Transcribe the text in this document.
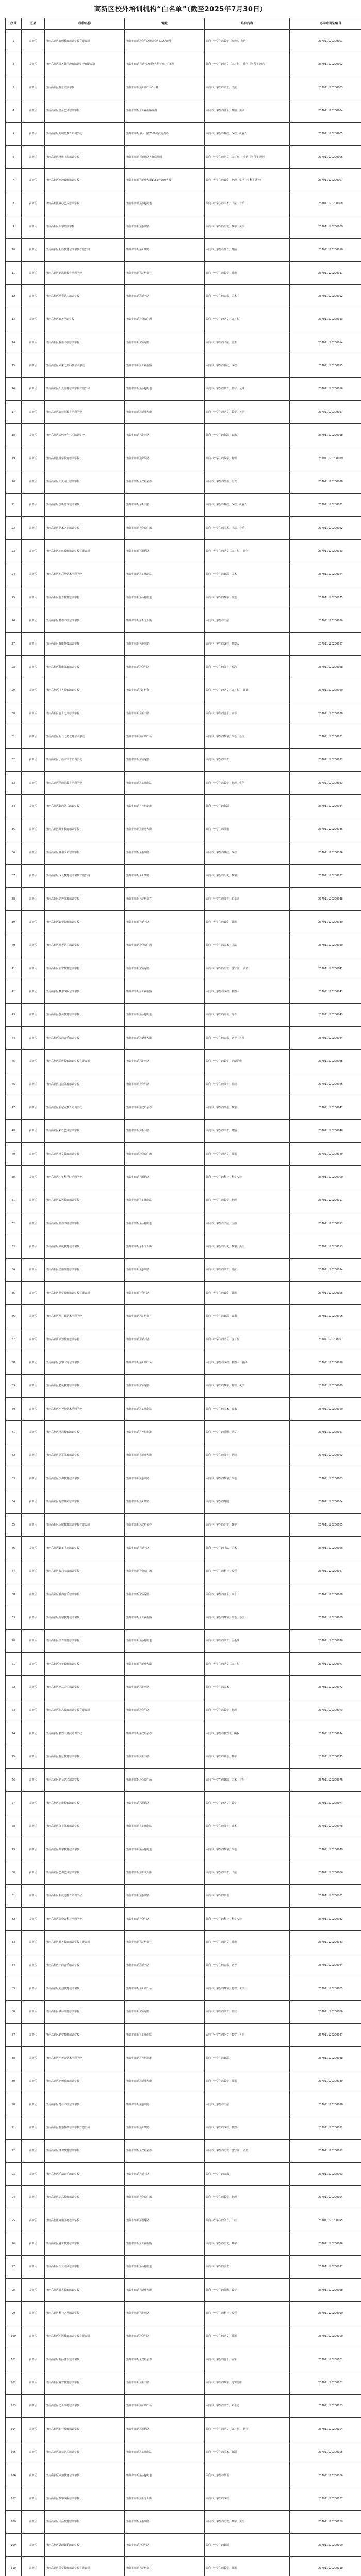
高新区校外培训机构“白名单”（截至2025年7月30日）
序号	区县	机构名称	地址	培训内容	办学许可证编号
1	高新区	济南高新区智创教育培训学校有限公司	济南市高新区舜华路街道舜华路2000号	面向中小学生的数学（奥数）、英语	237011120200001
2	高新区	济南高新区英才优学教育培训学校有限公司	济南市高新区新宇路西侧世纪财富中心B座	面向中小学生的语文（含写作）、数学（学科类除外）	237011120200002
3	高新区	济南高新区智汇培训学校	济南市高新区舜泰广场8号楼	面向中小学生的美术、书法	237011120200003
4	高新区	济南高新区思源艺术培训学校	济南市高新区工业南路以南	面向中小学生的音乐、舞蹈、美术	237011120200004
5	高新区	济南高新区启明星教育培训学校	济南市高新区经十路7000号汉峪金谷	面向中小学生的科技、编程、机器人	237011120200005
6	高新区	济南高新区博雅书院培训学校	济南市高新区颖秀路齐鲁软件园	面向中小学生的语文（含写作）、英语（学科类除外）	237011120200006
7	高新区	济南高新区卓越教育培训学校	济南市高新区新泺大街1166号奥盛大厦	面向中小学生的数学、物理、化学（学科类除外）	237011120200007
8	高新区	济南高新区童心艺术培训学校	济南市高新区孙村街道	面向中小学生的美术、书法、音乐	237011120200008
9	高新区	济南高新区乐学培训学校	济南市高新区港西路	面向中小学生的语文、数学、英语	237011120200009
10	高新区	济南高新区明德教育培训学校有限公司	济南市高新区舜华路	面向中小学生的体育、舞蹈	237011120200010
11	高新区	济南高新区新思维教育培训学校	济南市高新区汉峪金谷	面向中小学生的数学、英语	237011120200011
12	高新区	济南高新区星光艺术培训学校	济南市高新区新宇路	面向中小学生的音乐、美术	237011120200012
13	高新区	济南高新区育才培训学校	济南市高新区舜泰广场	面向中小学生的语文（含写作）	237011120200013
14	高新区	济南高新区翰墨书画培训学校	济南市高新区颖秀路	面向中小学生的书法、美术	237011120200014
15	高新区	济南高新区未来之星科技培训学校	济南市高新区工业南路	面向中小学生的科技、编程	237011120200015
16	高新区	济南高新区阳光体育培训学校有限公司	济南市高新区孙村街道	面向中小学生的体育、篮球、足球	237011120200016
17	高新区	济南高新区智慧树教育培训学校	济南市高新区新泺大街	面向中小学生的语文、数学、英语	237011120200017
18	高新区	济南高新区金色童年艺术培训学校	济南市高新区港西路	面向中小学生的舞蹈、音乐	237011120200018
19	高新区	济南高新区博学教育培训学校	济南市高新区舜华路	面向中小学生的数学、物理	237011120200019
20	高新区	济南高新区天天向上培训学校	济南市高新区汉峪金谷	面向中小学生的英语、语文	237011120200020
21	高新区	济南高新区创新思维培训学校	济南市高新区新宇路	面向中小学生的科技、编程、机器人	237011120200021
22	高新区	济南高新区艺术之光培训学校	济南市高新区舜泰广场	面向中小学生的美术、书法、音乐	237011120200022
23	高新区	济南高新区启航教育培训学校有限公司	济南市高新区颖秀路	面向中小学生的语文（含写作）、数学	237011120200023
24	高新区	济南高新区七彩梦艺术培训学校	济南市高新区工业南路	面向中小学生的舞蹈、美术	237011120200024
25	高新区	济南高新区优才教育培训学校	济南市高新区孙村街道	面向中小学生的数学、英语	237011120200025
26	高新区	济南高新区墨香书法培训学校	济南市高新区新泺大街	面向中小学生的书法	237011120200026
27	高新区	济南高新区智能科技培训学校	济南市高新区港西路	面向中小学生的编程、机器人	237011120200027
28	高新区	济南高新区健康体育培训学校	济南市高新区舜华路	面向中小学生的体育、游泳	237011120200028
29	高新区	济南高新区书香教育培训学校	济南市高新区汉峪金谷	面向中小学生的语文（含写作）、阅读	237011120200029
30	高新区	济南高新区音乐之声培训学校	济南市高新区新宇路	面向中小学生的音乐、钢琴	237011120200030
31	高新区	济南高新区明日之星教育培训学校	济南市高新区舜泰广场	面向中小学生的数学、英语、语文	237011120200031
32	高新区	济南高新区小画家美术培训学校	济南市高新区颖秀路	面向中小学生的美术	237011120200032
33	高新区	济南高新区学而思教育培训学校	济南市高新区工业南路	面向中小学生的数学、物理、化学	237011120200033
34	高新区	济南高新区舞韵艺术培训学校	济南市高新区孙村街道	面向中小学生的舞蹈	237011120200034
35	高新区	济南高新区英华教育培训学校	济南市高新区新泺大街	面向中小学生的英语	237011120200035
36	高新区	济南高新区科创少年培训学校	济南市高新区港西路	面向中小学生的科技、编程	237011120200036
37	高新区	济南高新区成长教育培训学校有限公司	济南市高新区舜华路	面向中小学生的语文、数学	237011120200037
38	高新区	济南高新区弘毅体育培训学校	济南市高新区汉峪金谷	面向中小学生的体育、跆拳道	237011120200038
39	高新区	济南高新区聚贤教育培训学校	济南市高新区新宇路	面向中小学生的数学、英语	237011120200039
40	高新区	济南高新区丹青艺术培训学校	济南市高新区舜泰广场	面向中小学生的美术、书法	237011120200040
41	高新区	济南高新区启智教育培训学校	济南市高新区颖秀路	面向中小学生的语文（含写作）、英语	237011120200041
42	高新区	济南高新区梦想编程培训学校	济南市高新区工业南路	面向中小学生的编程、机器人	237011120200042
43	高新区	济南高新区悦读教育培训学校	济南市高新区孙村街道	面向中小学生的阅读、写作	237011120200043
44	高新区	济南高新区琴韵音乐培训学校	济南市高新区新泺大街	面向中小学生的音乐、钢琴、古筝	237011120200044
45	高新区	济南高新区思维教育培训学校有限公司	济南市高新区港西路	面向中小学生的数学、逻辑思维	237011120200045
46	高新区	济南高新区飞跃体育培训学校	济南市高新区舜华路	面向中小学生的体育、篮球	237011120200046
47	高新区	济南高新区新起点教育培训学校	济南市高新区汉峪金谷	面向中小学生的英语、数学	237011120200047
48	高新区	济南高新区彩虹艺术培训学校	济南市高新区新宇路	面向中小学生的美术、舞蹈	237011120200048
49	高新区	济南高新区博文教育培训学校	济南市高新区舜泰广场	面向中小学生的语文、英语	237011120200049
50	高新区	济南高新区少年科学院培训学校	济南市高新区颖秀路	面向中小学生的科技、科学实验	237011120200050
51	高新区	济南高新区致远教育培训学校	济南市高新区工业南路	面向中小学生的数学、物理	237011120200051
52	高新区	济南高新区墨韵书画培训学校	济南市高新区孙村街道	面向中小学生的书法、国画	237011120200052
53	高新区	济南高新区领航教育培训学校	济南市高新区新泺大街	面向中小学生的语文、数学、英语	237011120200053
54	高新区	济南高新区动感体育培训学校	济南市高新区港西路	面向中小学生的体育、游泳	237011120200054
55	高新区	济南高新区慧学教育培训学校有限公司	济南市高新区舜华路	面向中小学生的数学、英语	237011120200055
56	高新区	济南高新区梦之翼艺术培训学校	济南市高新区汉峪金谷	面向中小学生的舞蹈、音乐	237011120200056
57	高新区	济南高新区求知教育培训学校	济南市高新区新宇路	面向中小学生的语文（含写作）	237011120200057
58	高新区	济南高新区创客空间培训学校	济南市高新区舜泰广场	面向中小学生的编程、机器人、科技	237011120200058
59	高新区	济南高新区精英教育培训学校	济南市高新区颖秀路	面向中小学生的数学、物理、化学	237011120200059
60	高新区	济南高新区小天使艺术培训学校	济南市高新区工业南路	面向中小学生的美术、音乐	237011120200060
61	高新区	济南高新区博思教育培训学校	济南市高新区孙村街道	面向中小学生的英语、语文	237011120200061
62	高新区	济南高新区冠军体育培训学校	济南市高新区新泺大街	面向中小学生的体育、足球	237011120200062
63	高新区	济南高新区学海教育培训学校	济南市高新区港西路	面向中小学生的数学、英语	237011120200063
64	高新区	济南高新区韵律舞蹈培训学校	济南市高新区舜华路	面向中小学生的舞蹈	237011120200064
65	高新区	济南高新区远航教育培训学校有限公司	济南市高新区汉峪金谷	面向中小学生的语文、数学	237011120200065
66	高新区	济南高新区妙笔书画培训学校	济南市高新区新宇路	面向中小学生的书法、美术	237011120200066
67	高新区	济南高新区智启未来培训学校	济南市高新区舜泰广场	面向中小学生的科技、编程	237011120200067
68	高新区	济南高新区雅韵音乐培训学校	济南市高新区颖秀路	面向中小学生的音乐、声乐	237011120200068
69	高新区	济南高新区优学教育培训学校	济南市高新区工业南路	面向中小学生的数学、英语、语文	237011120200069
70	高新区	济南高新区活力体育培训学校	济南市高新区孙村街道	面向中小学生的体育、羽毛球	237011120200070
71	高新区	济南高新区文华教育培训学校	济南市高新区新泺大街	面向中小学生的语文（含写作）	237011120200071
72	高新区	济南高新区画意美术培训学校	济南市高新区港西路	面向中小学生的美术	237011120200072
73	高新区	济南高新区鸿志教育培训学校有限公司	济南市高新区舜华路	面向中小学生的数学、物理	237011120200073
74	高新区	济南高新区机器人科技培训学校	济南市高新区汉峪金谷	面向中小学生的机器人、编程	237011120200074
75	高新区	济南高新区智远教育培训学校	济南市高新区新宇路	面向中小学生的英语、数学	237011120200075
76	高新区	济南高新区花朵艺术培训学校	济南市高新区舜泰广场	面向中小学生的舞蹈、美术、音乐	237011120200076
77	高新区	济南高新区正道教育培训学校	济南市高新区颖秀路	面向中小学生的语文、数学	237011120200077
78	高新区	济南高新区强身体育培训学校	济南市高新区工业南路	面向中小学生的体育、武术	237011120200078
79	高新区	济南高新区好学教育培训学校	济南市高新区孙村街道	面向中小学生的数学、英语	237011120200079
80	高新区	济南高新区艺海艺术培训学校	济南市高新区新泺大街	面向中小学生的美术、书法	237011120200080
81	高新区	济南高新区新航道教育培训学校	济南市高新区港西路	面向中小学生的英语	237011120200081
82	高新区	济南高新区探索者科技培训学校	济南市高新区舜华路	面向中小学生的科技、科学实验	237011120200082
83	高新区	济南高新区德才教育培训学校有限公司	济南市高新区汉峪金谷	面向中小学生的语文、英语	237011120200083
84	高新区	济南高新区声韵音乐培训学校	济南市高新区新宇路	面向中小学生的音乐、钢琴	237011120200084
85	高新区	济南高新区启迪教育培训学校	济南市高新区舜泰广场	面向中小学生的数学、物理、化学	237011120200085
86	高新区	济南高新区跃动体育培训学校	济南市高新区颖秀路	面向中小学生的体育、篮球	237011120200086
87	高新区	济南高新区勤学教育培训学校	济南市高新区工业南路	面向中小学生的语文、数学、英语	237011120200087
88	高新区	济南高新区小舞者艺术培训学校	济南市高新区孙村街道	面向中小学生的舞蹈	237011120200088
89	高新区	济南高新区名师教育培训学校	济南市高新区新泺大街	面向中小学生的数学、英语	237011120200089
90	高新区	济南高新区笔墨书法培训学校	济南市高新区港西路	面向中小学生的书法	237011120200090
91	高新区	济南高新区智造科技培训学校有限公司	济南市高新区舜华路	面向中小学生的编程、机器人	237011120200091
92	高新区	济南高新区博识教育培训学校	济南市高新区汉峪金谷	面向中小学生的语文（含写作）、英语	237011120200092
93	高新区	济南高新区乐动音乐培训学校	济南市高新区新宇路	面向中小学生的音乐	237011120200093
94	高新区	济南高新区志高教育培训学校	济南市高新区舜泰广场	面向中小学生的数学、物理	237011120200094
95	高新区	济南高新区奔跑体育培训学校	济南市高新区颖秀路	面向中小学生的体育、田径	237011120200095
96	高新区	济南高新区春蕾教育培训学校	济南市高新区工业南路	面向中小学生的语文、数学	237011120200096
97	高新区	济南高新区绘梦美术培训学校	济南市高新区孙村街道	面向中小学生的美术	237011120200097
98	高新区	济南高新区英杰教育培训学校	济南市高新区新泺大街	面向中小学生的英语、数学	237011120200098
99	高新区	济南高新区科技之星培训学校	济南市高新区港西路	面向中小学生的科技、编程	237011120200099
100	高新区	济南高新区明远教育培训学校有限公司	济南市高新区舜华路	面向中小学生的语文、英语	237011120200100
101	高新区	济南高新区悠扬音乐培训学校	济南市高新区汉峪金谷	面向中小学生的音乐、古筝	237011120200101
102	高新区	济南高新区睿智教育培训学校	济南市高新区新宇路	面向中小学生的数学、逻辑思维	237011120200102
103	高新区	济南高新区勇士体育培训学校	济南市高新区舜泰广场	面向中小学生的体育、跆拳道	237011120200103
104	高新区	济南高新区知行教育培训学校	济南市高新区颖秀路	面向中小学生的语文（含写作）、数学	237011120200104
105	高新区	济南高新区青苗艺术培训学校	济南市高新区工业南路	面向中小学生的美术、舞蹈	237011120200105
106	高新区	济南高新区卓然教育培训学校	济南市高新区孙村街道	面向中小学生的英语	237011120200106
107	高新区	济南高新区极客编程培训学校	济南市高新区新泺大街	面向中小学生的编程	237011120200107
108	高新区	济南高新区文昌教育培训学校	济南市高新区港西路	面向中小学生的语文、数学、英语	237011120200108
109	高新区	济南高新区翩翩舞蹈培训学校	济南市高新区舜华路	面向中小学生的舞蹈	237011120200109
110	高新区	济南高新区尚学教育培训学校有限公司	济南市高新区汉峪金谷	面向中小学生的数学、英语	237011120200110
